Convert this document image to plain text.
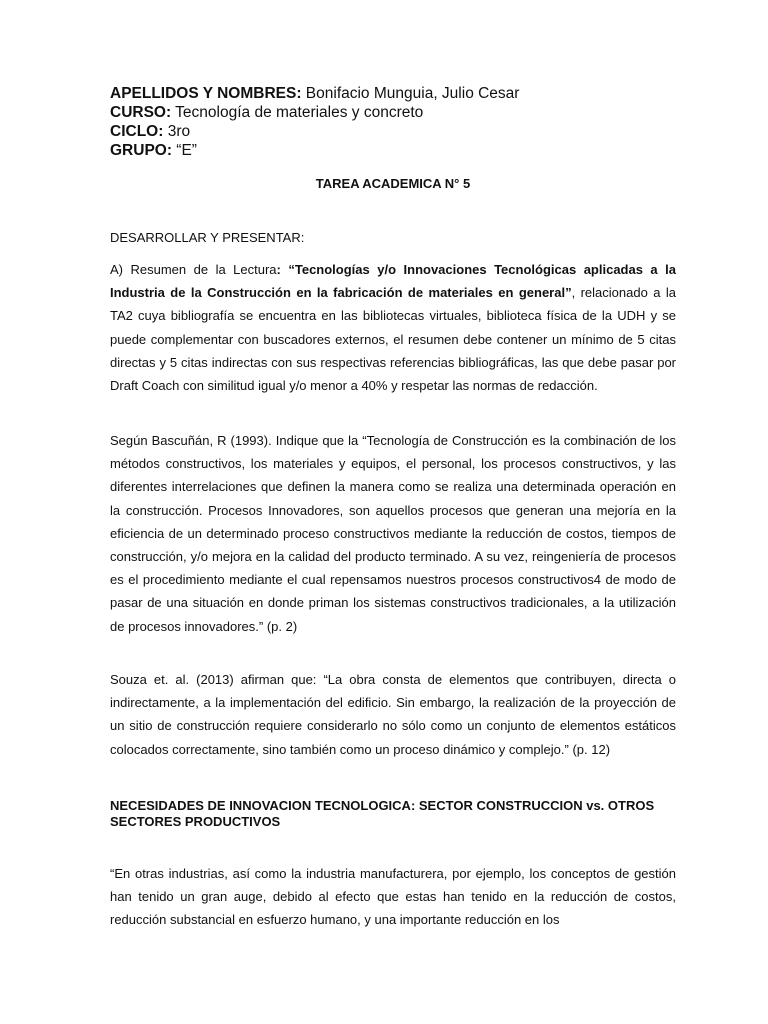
APELLIDOS Y NOMBRES: Bonifacio Munguia, Julio Cesar
CURSO: Tecnología de materiales y concreto
CICLO: 3ro
GRUPO: “E”
TAREA ACADEMICA N° 5
DESARROLLAR Y PRESENTAR:
A) Resumen de la Lectura: “Tecnologías y/o Innovaciones Tecnológicas aplicadas a la Industria de la Construcción en la fabricación de materiales en general”, relacionado a la TA2 cuya bibliografía se encuentra en las bibliotecas virtuales, biblioteca física de la UDH y se puede complementar con buscadores externos, el resumen debe contener un mínimo de 5 citas directas y 5 citas indirectas con sus respectivas referencias bibliográficas, las que debe pasar por Draft Coach con similitud igual y/o menor a 40% y respetar las normas de redacción.
Según Bascuñán, R (1993). Indique que la “Tecnología de Construcción es la combinación de los métodos constructivos, los materiales y equipos, el personal, los procesos constructivos, y las diferentes interrelaciones que definen la manera como se realiza una determinada operación en la construcción. Procesos Innovadores, son aquellos procesos que generan una mejoría en la eficiencia de un determinado proceso constructivos mediante la reducción de costos, tiempos de construcción, y/o mejora en la calidad del producto terminado. A su vez, reingeniería de procesos es el procedimiento mediante el cual repensamos nuestros procesos constructivos4 de modo de pasar de una situación en donde priman los sistemas constructivos tradicionales, a la utilización de procesos innovadores.” (p. 2)
Souza et. al. (2013) afirman que: “La obra consta de elementos que contribuyen, directa o indirectamente, a la implementación del edificio. Sin embargo, la realización de la proyección de un sitio de construcción requiere considerarlo no sólo como un conjunto de elementos estáticos colocados correctamente, sino también como un proceso dinámico y complejo.” (p. 12)
NECESIDADES DE INNOVACION TECNOLOGICA: SECTOR CONSTRUCCION vs. OTROS SECTORES PRODUCTIVOS
“En otras industrias, así como la industria manufacturera, por ejemplo, los conceptos de gestión han tenido un gran auge, debido al efecto que estas han tenido en la reducción de costos, reducción substancial en esfuerzo humano, y una importante reducción en los
